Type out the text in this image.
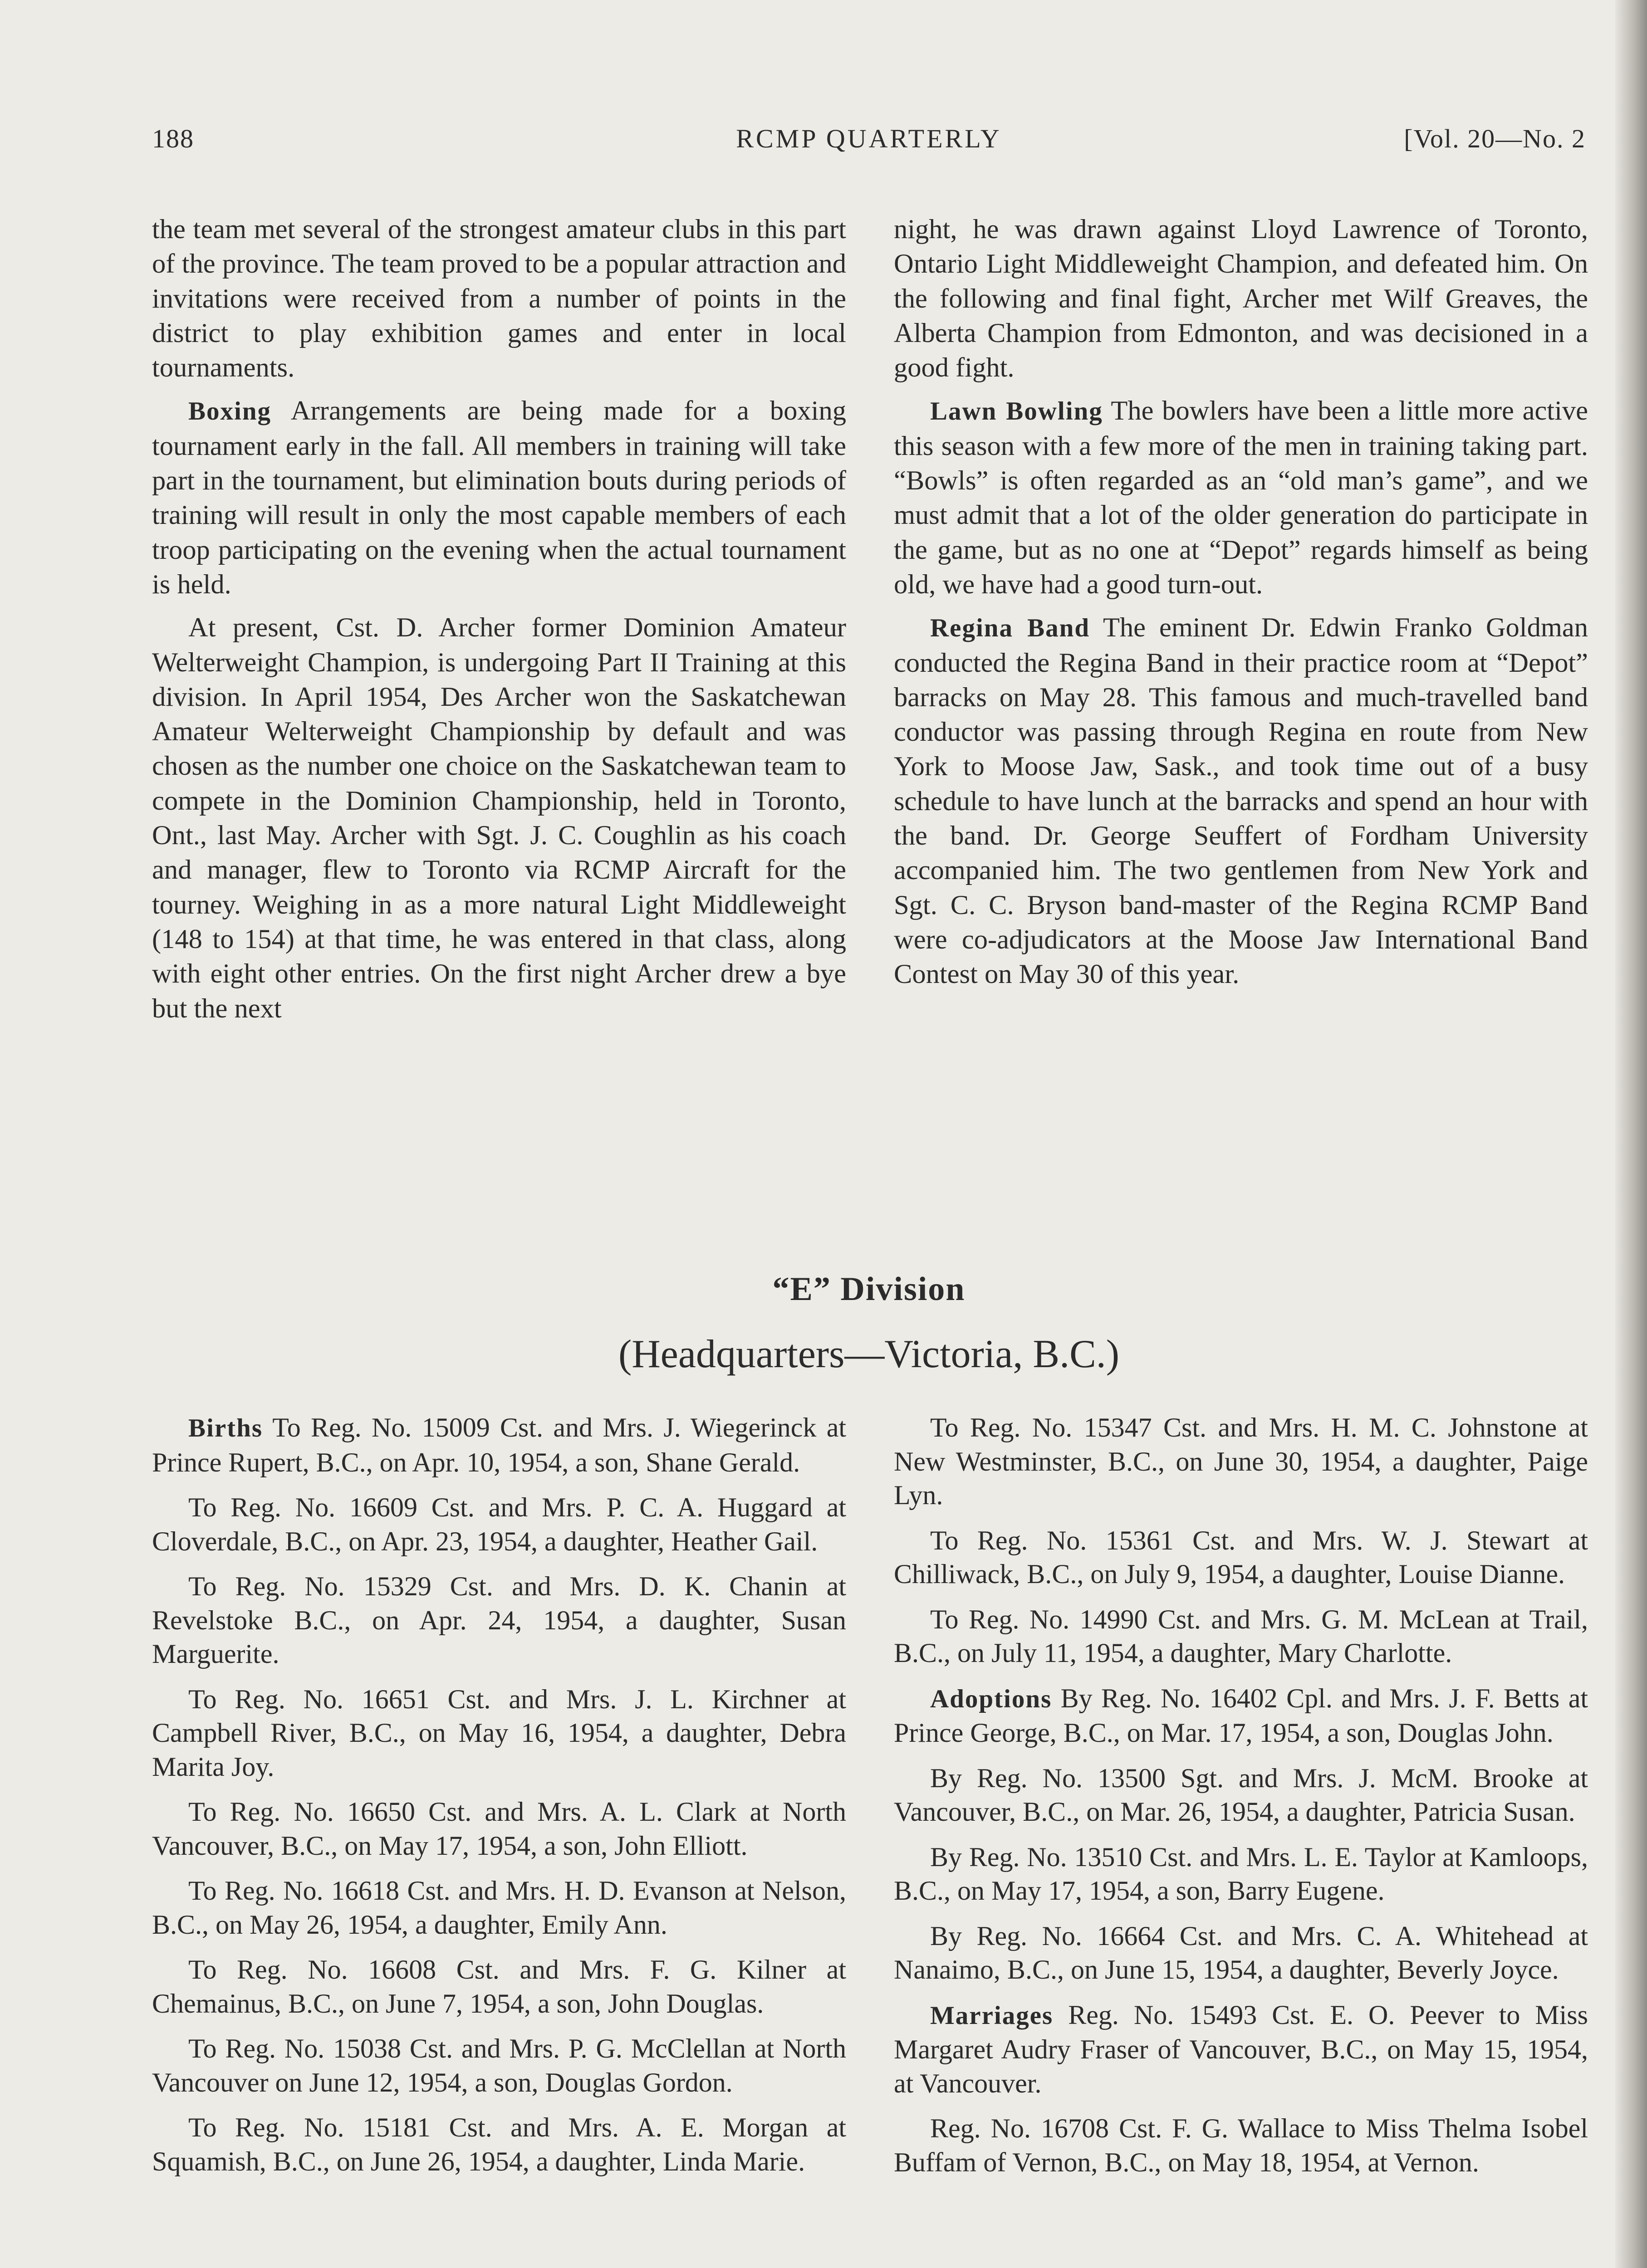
188	RCMP QUARTERLY	[Vol. 20—No. 2

the team met several of the strongest amateur clubs in this part of the province. The team proved to be a popular attraction and invitations were received from a number of points in the district to play exhibition games and enter in local tournaments.

Boxing Arrangements are being made for a boxing tournament early in the fall. All members in training will take part in the tournament, but elimination bouts during periods of training will result in only the most capable members of each troop participating on the evening when the actual tournament is held.

At present, Cst. D. Archer former Dominion Amateur Welterweight Champion, is undergoing Part II Training at this division. In April 1954, Des Archer won the Saskatchewan Amateur Welterweight Championship by default and was chosen as the number one choice on the Saskatchewan team to compete in the Dominion Championship, held in Toronto, Ont., last May. Archer with Sgt. J. C. Coughlin as his coach and manager, flew to Toronto via RCMP Aircraft for the tourney. Weighing in as a more natural Light Middleweight (148 to 154) at that time, he was entered in that class, along with eight other entries. On the first night Archer drew a bye but the next

night, he was drawn against Lloyd Lawrence of Toronto, Ontario Light Middleweight Champion, and defeated him. On the following and final fight, Archer met Wilf Greaves, the Alberta Champion from Edmonton, and was decisioned in a good fight.

Lawn Bowling The bowlers have been a little more active this season with a few more of the men in training taking part. “Bowls” is often regarded as an “old man’s game”, and we must admit that a lot of the older generation do participate in the game, but as no one at “Depot” regards himself as being old, we have had a good turn-out.

Regina Band The eminent Dr. Edwin Franko Goldman conducted the Regina Band in their practice room at “Depot” barracks on May 28. This famous and much-travelled band conductor was passing through Regina en route from New York to Moose Jaw, Sask., and took time out of a busy schedule to have lunch at the barracks and spend an hour with the band. Dr. George Seuffert of Fordham University accompanied him. The two gentlemen from New York and Sgt. C. C. Bryson band-master of the Regina RCMP Band were co-adjudicators at the Moose Jaw International Band Contest on May 30 of this year.

“E” Division
(Headquarters—Victoria, B.C.)

Births To Reg. No. 15009 Cst. and Mrs. J. Wiegerinck at Prince Rupert, B.C., on Apr. 10, 1954, a son, Shane Gerald.

To Reg. No. 16609 Cst. and Mrs. P. C. A. Huggard at Cloverdale, B.C., on Apr. 23, 1954, a daughter, Heather Gail.

To Reg. No. 15329 Cst. and Mrs. D. K. Chanin at Revelstoke B.C., on Apr. 24, 1954, a daughter, Susan Marguerite.

To Reg. No. 16651 Cst. and Mrs. J. L. Kirchner at Campbell River, B.C., on May 16, 1954, a daughter, Debra Marita Joy.

To Reg. No. 16650 Cst. and Mrs. A. L. Clark at North Vancouver, B.C., on May 17, 1954, a son, John Elliott.

To Reg. No. 16618 Cst. and Mrs. H. D. Evanson at Nelson, B.C., on May 26, 1954, a daughter, Emily Ann.

To Reg. No. 16608 Cst. and Mrs. F. G. Kilner at Chemainus, B.C., on June 7, 1954, a son, John Douglas.

To Reg. No. 15038 Cst. and Mrs. P. G. McClellan at North Vancouver on June 12, 1954, a son, Douglas Gordon.

To Reg. No. 15181 Cst. and Mrs. A. E. Morgan at Squamish, B.C., on June 26, 1954, a daughter, Linda Marie.

To Reg. No. 15347 Cst. and Mrs. H. M. C. Johnstone at New Westminster, B.C., on June 30, 1954, a daughter, Paige Lyn.

To Reg. No. 15361 Cst. and Mrs. W. J. Stewart at Chilliwack, B.C., on July 9, 1954, a daughter, Louise Dianne.

To Reg. No. 14990 Cst. and Mrs. G. M. McLean at Trail, B.C., on July 11, 1954, a daughter, Mary Charlotte.

Adoptions By Reg. No. 16402 Cpl. and Mrs. J. F. Betts at Prince George, B.C., on Mar. 17, 1954, a son, Douglas John.

By Reg. No. 13500 Sgt. and Mrs. J. McM. Brooke at Vancouver, B.C., on Mar. 26, 1954, a daughter, Patricia Susan.

By Reg. No. 13510 Cst. and Mrs. L. E. Taylor at Kamloops, B.C., on May 17, 1954, a son, Barry Eugene.

By Reg. No. 16664 Cst. and Mrs. C. A. Whitehead at Nanaimo, B.C., on June 15, 1954, a daughter, Beverly Joyce.

Marriages Reg. No. 15493 Cst. E. O. Peever to Miss Margaret Audry Fraser of Vancouver, B.C., on May 15, 1954, at Vancouver.

Reg. No. 16708 Cst. F. G. Wallace to Miss Thelma Isobel Buffam of Vernon, B.C., on May 18, 1954, at Vernon.
